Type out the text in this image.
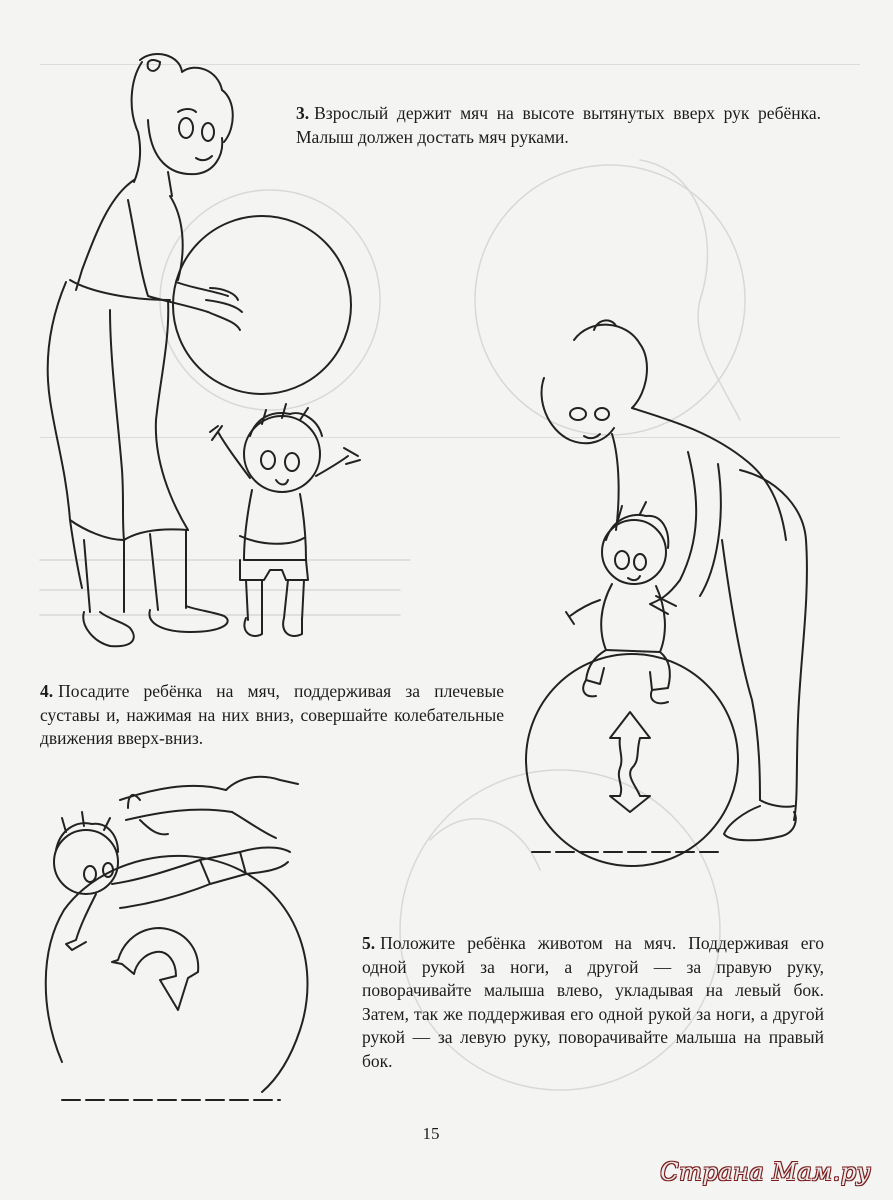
3. Взрослый держит мяч на высоте вытянутых вверх рук ребёнка. Малыш должен достать мяч руками.

4. Посадите ребёнка на мяч, поддерживая за плечевые суставы и, нажимая на них вниз, совершайте колебательные движения вверх-вниз.

5. Положите ребёнка животом на мяч. Поддерживая его одной рукой за ноги, а другой — за правую руку, поворачивайте малыша влево, укладывая на левый бок. Затем, так же поддерживая его одной рукой за ноги, а другой рукой — за левую руку, поворачивайте малыша на правый бок.

15
Страна Мам.ру
